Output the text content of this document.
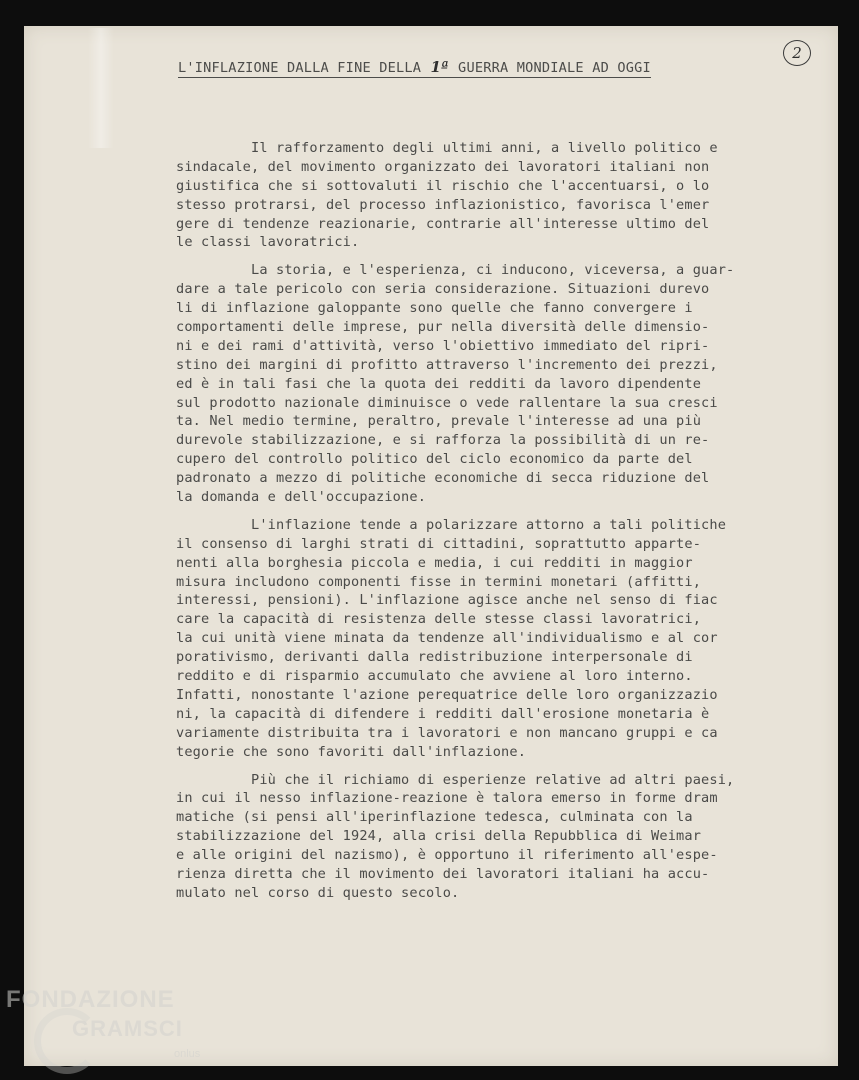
L'INFLAZIONE DALLA FINE DELLA 1ª GUERRA MONDIALE AD OGGI
2
Il rafforzamento degli ultimi anni, a livello politico e
sindacale, del movimento organizzato dei lavoratori italiani non
giustifica che si sottovaluti il rischio che l'accentuarsi, o lo
stesso protrarsi, del processo inflazionistico, favorisca l'emer
gere di tendenze reazionarie, contrarie all'interesse ultimo del
le classi lavoratrici.
La storia, e l'esperienza, ci inducono, viceversa, a guar-
dare a tale pericolo con seria considerazione. Situazioni durevo
li di inflazione galoppante sono quelle che fanno convergere i
comportamenti delle imprese, pur nella diversità delle dimensio-
ni e dei rami d'attività, verso l'obiettivo immediato del ripri-
stino dei margini di profitto attraverso l'incremento dei prezzi,
ed è in tali fasi che la quota dei redditi da lavoro dipendente
sul prodotto nazionale diminuisce o vede rallentare la sua cresci
ta. Nel medio termine, peraltro, prevale l'interesse ad una più
durevole stabilizzazione, e si rafforza la possibilità di un re-
cupero del controllo politico del ciclo economico da parte del
padronato a mezzo di politiche economiche di secca riduzione del
la domanda e dell'occupazione.
L'inflazione tende a polarizzare attorno a tali politiche
il consenso di larghi strati di cittadini, soprattutto apparte-
nenti alla borghesia piccola e media, i cui redditi in maggior
misura includono componenti fisse in termini monetari (affitti,
interessi, pensioni). L'inflazione agisce anche nel senso di fiac
care la capacità di resistenza delle stesse classi lavoratrici,
la cui unità viene minata da tendenze all'individualismo e al cor
porativismo, derivanti dalla redistribuzione interpersonale di
reddito e di risparmio accumulato che avviene al loro interno.
Infatti, nonostante l'azione perequatrice delle loro organizzazio
ni, la capacità di difendere i redditi dall'erosione monetaria è
variamente distribuita tra i lavoratori e non mancano gruppi e ca
tegorie che sono favoriti dall'inflazione.
Più che il richiamo di esperienze relative ad altri paesi,
in cui il nesso inflazione-reazione è talora emerso in forme dram
matiche (si pensi all'iperinflazione tedesca, culminata con la
stabilizzazione del 1924, alla crisi della Repubblica di Weimar
e alle origini del nazismo), è opportuno il riferimento all'espe-
rienza diretta che il movimento dei lavoratori italiani ha accu-
mulato nel corso di questo secolo.
FONDAZIONE
GRAMSCI
onlus
